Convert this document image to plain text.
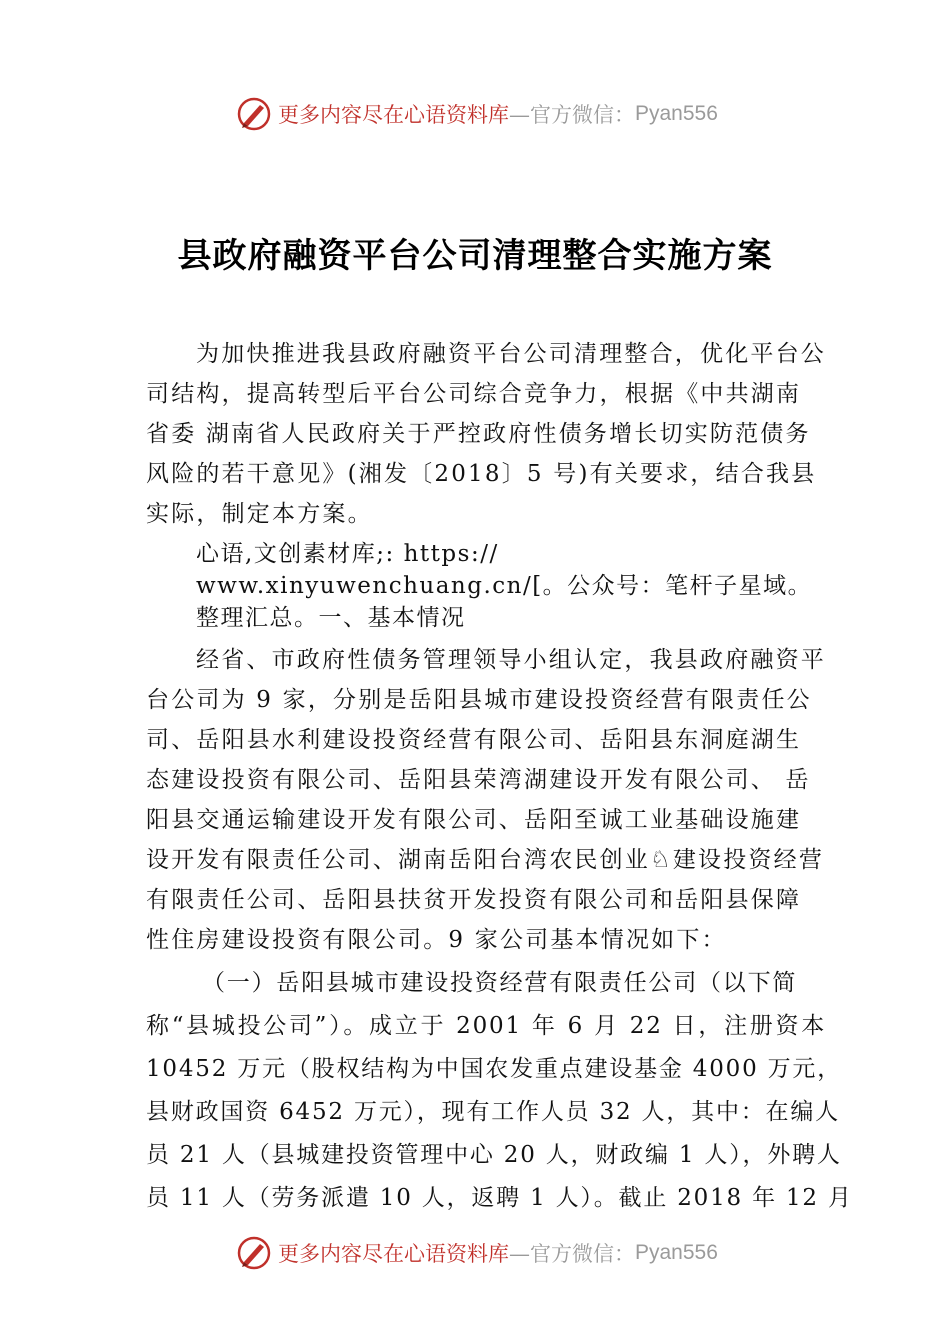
更多内容尽在心语资料库 —官方微信： Pyan556
县政府融资平台公司清理整合实施方案
为加快推进我县政府融资平台公司清理整合，优化平台公司结构，提高转型后平台公司综合竞争力，根据《中共湖南省委 湖南省人民政府关于严控政府性债务增长切实防范债务风险的若干意见》(湘发〔2018〕5 号)有关要求，结合我县实际，制定本方案。
心语,文创素材库;: https:// www.xinyuwenchuang.cn/[。公众号：笔杆子星域。整理汇总。一、基本情况
经省、市政府性债务管理领导小组认定，我县政府融资平台公司为 9 家，分别是岳阳县城市建设投资经营有限责任公司、岳阳县水利建设投资经营有限公司、岳阳县东洞庭湖生态建设投资有限公司、岳阳县荣湾湖建设开发有限公司、 岳阳县交通运输建设开发有限公司、岳阳至诚工业基础设施建设开发有限责任公司、湖南岳阳台湾农民创业♘建设投资经营有限责任公司、岳阳县扶贫开发投资有限公司和岳阳县保障性住房建设投资有限公司。9 家公司基本情况如下：
（一）岳阳县城市建设投资经营有限责任公司（以下简
称“县城投公司”）。成立于 2001 年 6 月 22 日，注册资本
10452 万元（股权结构为中国农发重点建设基金 4000 万元，
县财政国资 6452 万元），现有工作人员 32 人，其中：在编人
员 21 人（县城建投资管理中心 20 人，财政编 1 人），外聘人
员 11 人（劳务派遣 10 人，返聘 1 人）。截止 2018 年 12 月
更多内容尽在心语资料库 —官方微信： Pyan556
